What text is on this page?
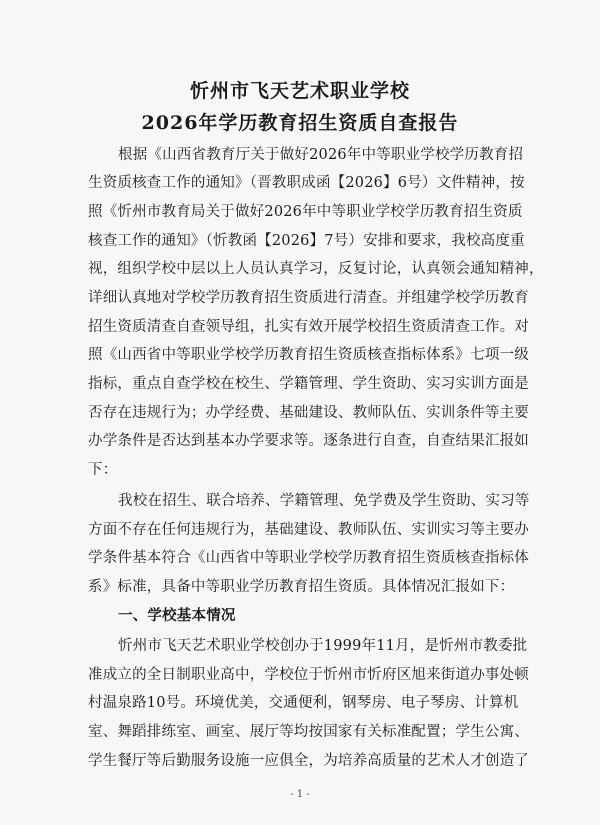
忻州市飞天艺术职业学校
2026年学历教育招生资质自查报告
根据《山西省教育厅关于做好2026年中等职业学校学历教育招
生资质核查工作的通知》（晋教职成函【2026】6号）文件精神，按
照《忻州市教育局关于做好2026年中等职业学校学历教育招生资质
核查工作的通知》（忻教函【2026】7号）安排和要求，我校高度重
视，组织学校中层以上人员认真学习，反复讨论，认真领会通知精神，
详细认真地对学校学历教育招生资质进行清查。并组建学校学历教育
招生资质清查自查领导组，扎实有效开展学校招生资质清查工作。对
照《山西省中等职业学校学历教育招生资质核查指标体系》七项一级
指标，重点自查学校在校生、学籍管理、学生资助、实习实训方面是
否存在违规行为；办学经费、基础建设、教师队伍、实训条件等主要
办学条件是否达到基本办学要求等。逐条进行自查，自查结果汇报如
下：
我校在招生、联合培养、学籍管理、免学费及学生资助、实习等
方面不存在任何违规行为，基础建设、教师队伍、实训实习等主要办
学条件基本符合《山西省中等职业学校学历教育招生资质核查指标体
系》标准，具备中等职业学历教育招生资质。具体情况汇报如下：
一、学校基本情况
忻州市飞天艺术职业学校创办于1999年11月，是忻州市教委批
准成立的全日制职业高中，学校位于忻州市忻府区旭来街道办事处顿
村温泉路10号。环境优美，交通便利，钢琴房、电子琴房、计算机
室、舞蹈排练室、画室、展厅等均按国家有关标准配置；学生公寓、
学生餐厅等后勤服务设施一应俱全，为培养高质量的艺术人才创造了
- 1 -
